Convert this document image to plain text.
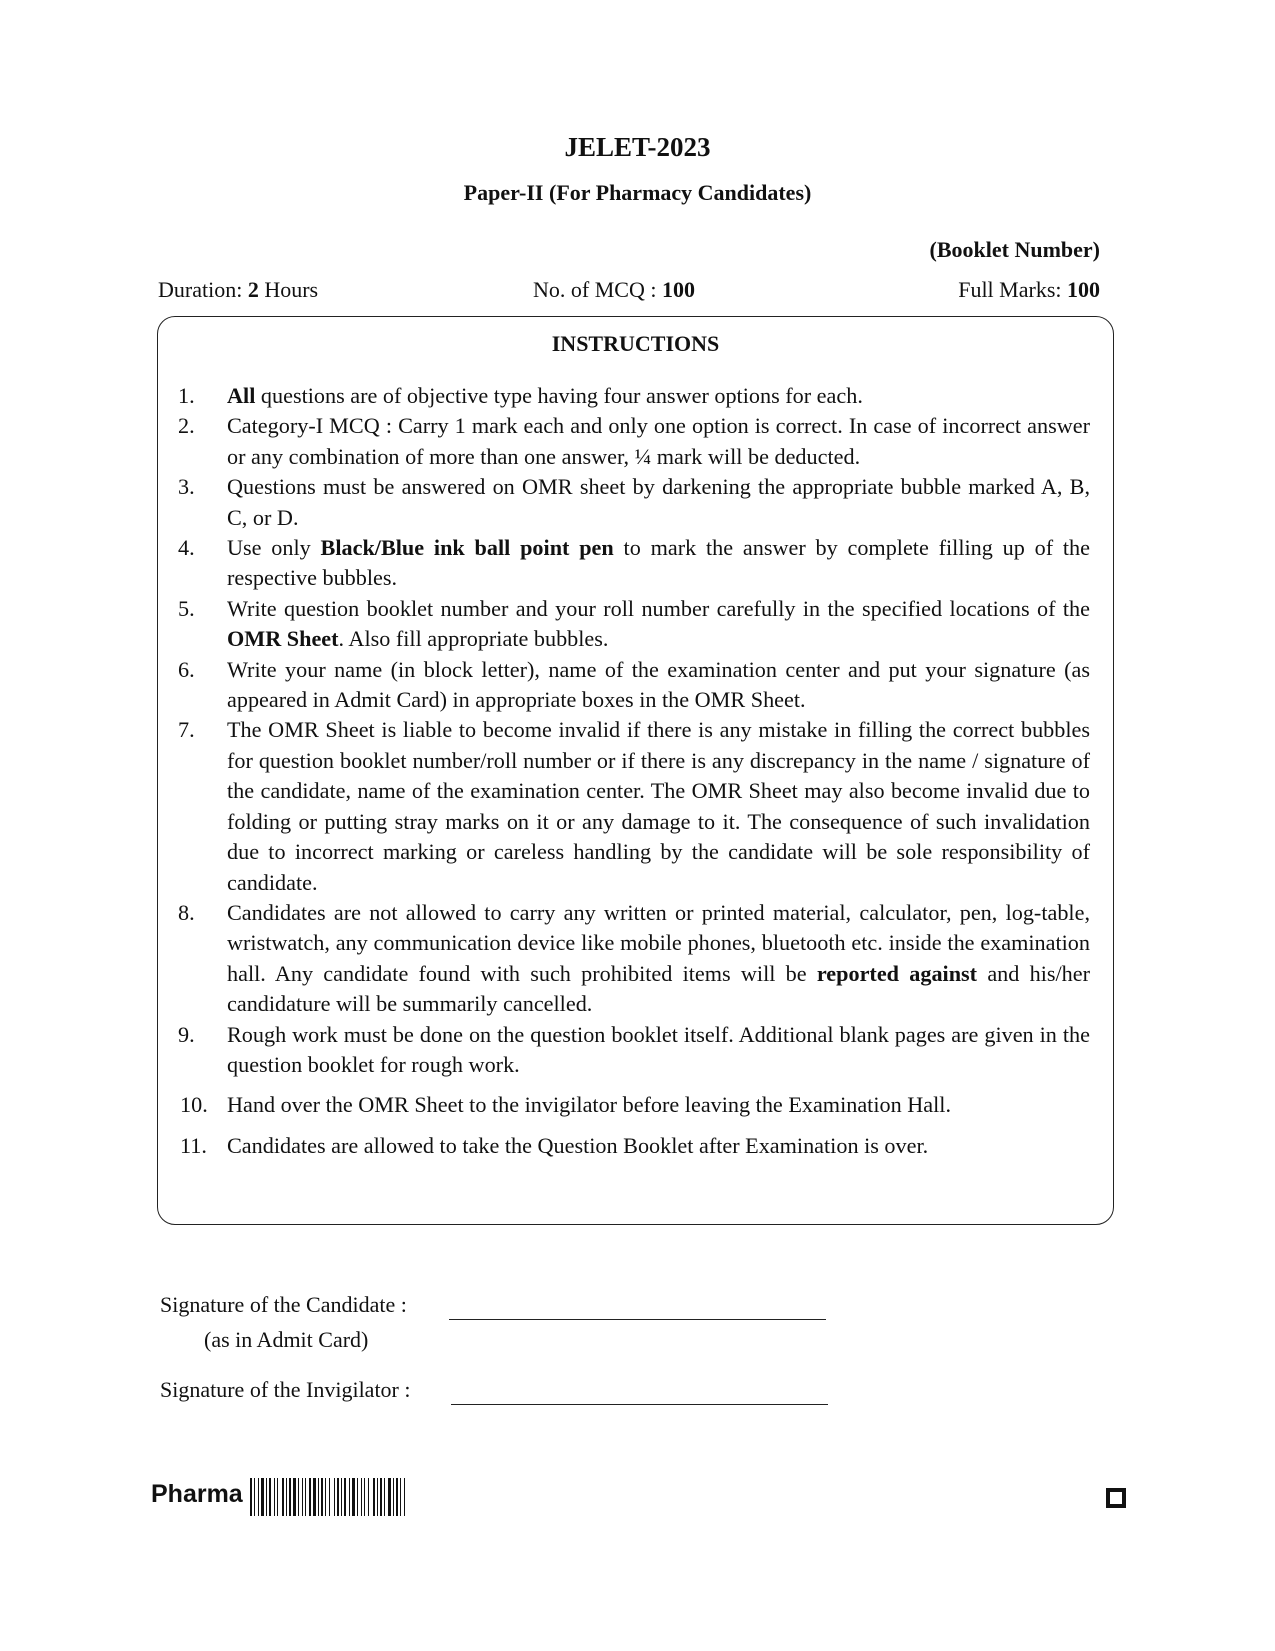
JELET-2023
Paper-II (For Pharmacy Candidates)
(Booklet Number)
Duration: 2 Hours	No. of MCQ : 100	Full Marks: 100
INSTRUCTIONS
1.	All questions are of objective type having four answer options for each.
2.	Category-I MCQ : Carry 1 mark each and only one option is correct. In case of incorrect answer or any combination of more than one answer, ¼ mark will be deducted.
3.	Questions must be answered on OMR sheet by darkening the appropriate bubble marked A, B, C, or D.
4.	Use only Black/Blue ink ball point pen to mark the answer by complete filling up of the respective bubbles.
5.	Write question booklet number and your roll number carefully in the specified locations of the OMR Sheet. Also fill appropriate bubbles.
6.	Write your name (in block letter), name of the examination center and put your signature (as appeared in Admit Card) in appropriate boxes in the OMR Sheet.
7.	The OMR Sheet is liable to become invalid if there is any mistake in filling the correct bubbles for question booklet number/roll number or if there is any discrepancy in the name / signature of the candidate, name of the examination center. The OMR Sheet may also become invalid due to folding or putting stray marks on it or any damage to it. The consequence of such invalidation due to incorrect marking or careless handling by the candidate will be sole responsibility of candidate.
8.	Candidates are not allowed to carry any written or printed material, calculator, pen, log-table, wristwatch, any communication device like mobile phones, bluetooth etc. inside the examination hall. Any candidate found with such prohibited items will be reported against and his/her candidature will be summarily cancelled.
9.	Rough work must be done on the question booklet itself. Additional blank pages are given in the question booklet for rough work.
10. Hand over the OMR Sheet to the invigilator before leaving the Examination Hall.
11. Candidates are allowed to take the Question Booklet after Examination is over.
Signature of the Candidate :
(as in Admit Card)
Signature of the Invigilator :
Pharma
